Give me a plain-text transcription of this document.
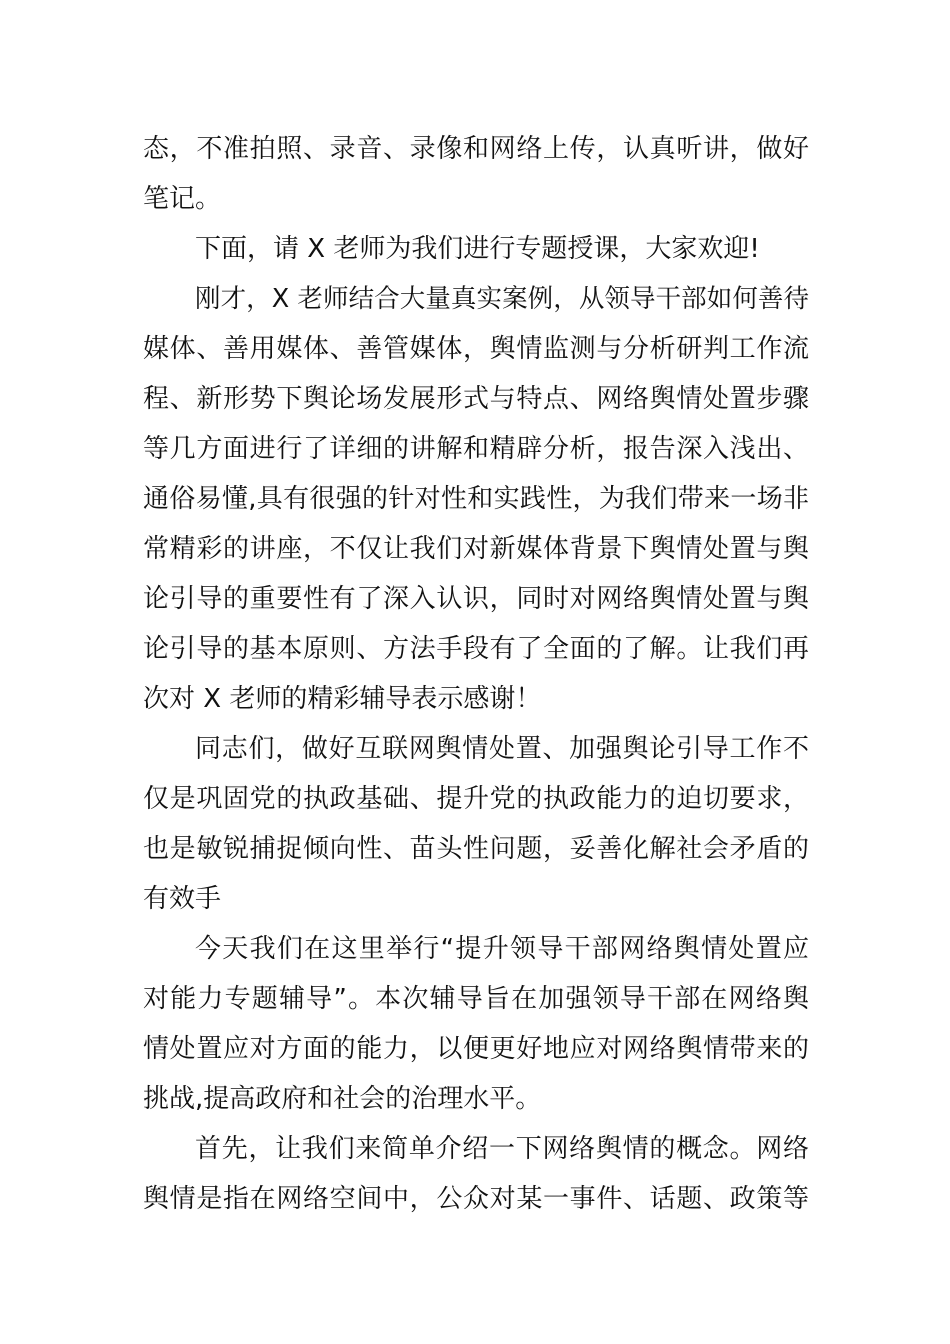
态，不准拍照、录音、录像和网络上传，认真听讲，做好
笔记。
下面，请 X 老师为我们进行专题授课，大家欢迎!
刚才，X 老师结合大量真实案例，从领导干部如何善待
媒体、善用媒体、善管媒体，舆情监测与分析研判工作流
程、新形势下舆论场发展形式与特点、网络舆情处置步骤
等几方面进行了详细的讲解和精辟分析，报告深入浅出、
通俗易懂,具有很强的针对性和实践性，为我们带来一场非
常精彩的讲座，不仅让我们对新媒体背景下舆情处置与舆
论引导的重要性有了深入认识，同时对网络舆情处置与舆
论引导的基本原则、方法手段有了全面的了解。让我们再
次对 X 老师的精彩辅导表示感谢！
同志们，做好互联网舆情处置、加强舆论引导工作不
仅是巩固党的执政基础、提升党的执政能力的迫切要求，
也是敏锐捕捉倾向性、苗头性问题，妥善化解社会矛盾的
有效手
今天我们在这里举行“提升领导干部网络舆情处置应
对能力专题辅导”。本次辅导旨在加强领导干部在网络舆
情处置应对方面的能力，以便更好地应对网络舆情带来的
挑战,提高政府和社会的治理水平。
首先，让我们来简单介绍一下网络舆情的概念。网络
舆情是指在网络空间中，公众对某一事件、话题、政策等
